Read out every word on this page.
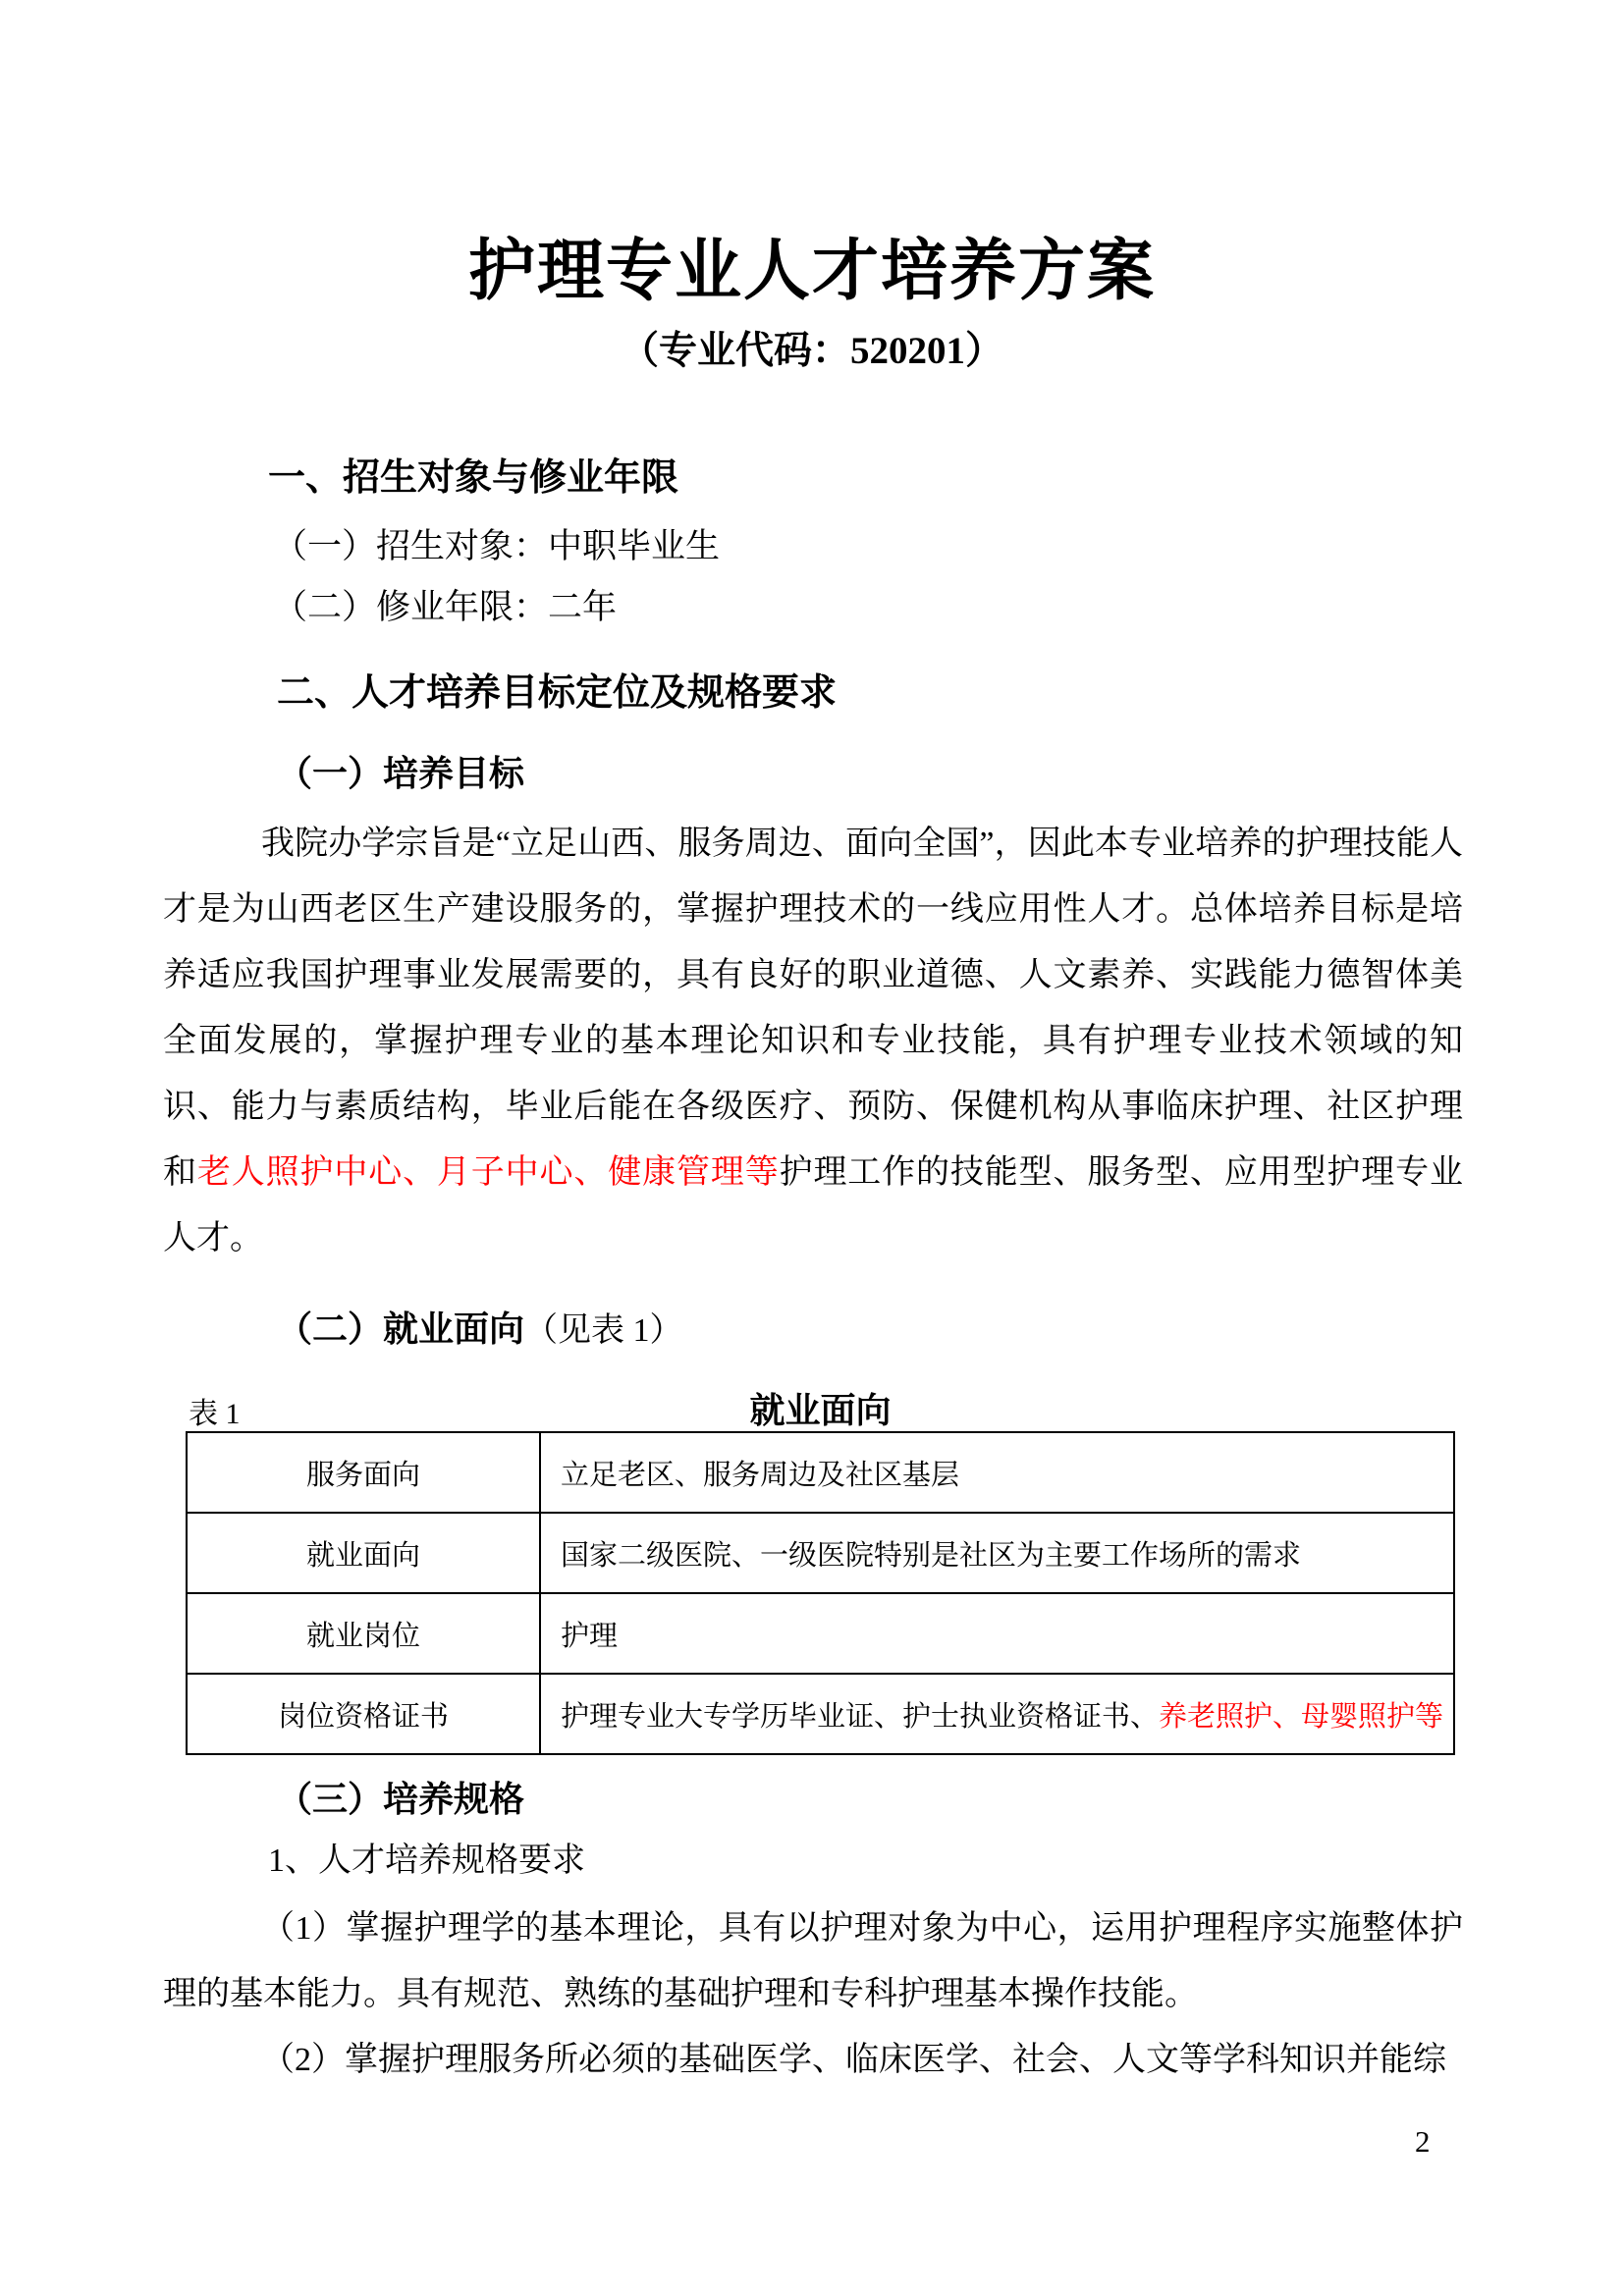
护理专业人才培养方案
（专业代码：520201）
一、招生对象与修业年限
（一）招生对象：中职毕业生
（二）修业年限：二年
二、人才培养目标定位及规格要求
（一）培养目标

我院办学宗旨是“立足山西、服务周边、面向全国”，因此本专业培养的护理技能人才是为山西老区生产建设服务的，掌握护理技术的一线应用性人才。总体培养目标是培养适应我国护理事业发展需要的，具有良好的职业道德、人文素养、实践能力德智体美全面发展的，掌握护理专业的基本理论知识和专业技能，具有护理专业技术领域的知识、能力与素质结构，毕业后能在各级医疗、预防、保健机构从事临床护理、社区护理和老人照护中心、月子中心、健康管理等护理工作的技能型、服务型、应用型护理专业人才。

（二）就业面向（见表 1）
表 1	就业面向
服务面向	立足老区、服务周边及社区基层
就业面向	国家二级医院、一级医院特别是社区为主要工作场所的需求
就业岗位	护理
岗位资格证书	护理专业大专学历毕业证、护士执业资格证书、养老照护、母婴照护等
（三）培养规格
1、人才培养规格要求

（1）掌握护理学的基本理论，具有以护理对象为中心，运用护理程序实施整体护理的基本能力。具有规范、熟练的基础护理和专科护理基本操作技能。

（2）掌握护理服务所必须的基础医学、临床医学、社会、人文等学科知识并能综

2
